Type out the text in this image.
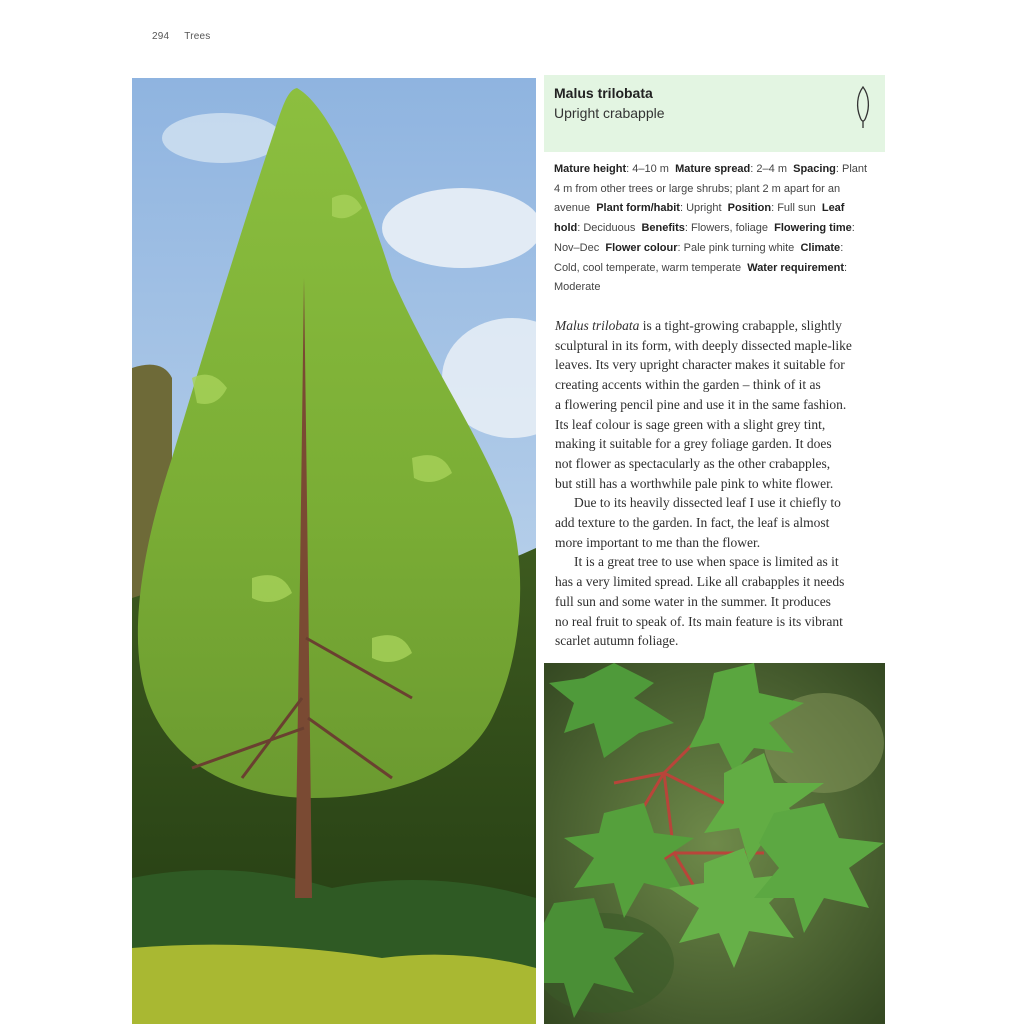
294 Trees
Malus trilobata
Upright crabapple
Mature height: 4–10 m Mature spread: 2–4 m Spacing: Plant
4 m from other trees or large shrubs; plant 2 m apart for an
avenue Plant form/habit: Upright Position: Full sun Leaf
hold: Deciduous Benefits: Flowers, foliage Flowering time:
Nov–Dec Flower colour: Pale pink turning white Climate:
Cold, cool temperate, warm temperate Water requirement:
Moderate

Malus trilobata is a tight-growing crabapple, slightly

sculptural in its form, with deeply dissected maple-like

leaves. Its very upright character makes it suitable for

creating accents within the garden – think of it as

a flowering pencil pine and use it in the same fashion.

Its leaf colour is sage green with a slight grey tint,

making it suitable for a grey foliage garden. It does

not flower as spectacularly as the other crabapples,

but still has a worthwhile pale pink to white flower.

Due to its heavily dissected leaf I use it chiefly to

add texture to the garden. In fact, the leaf is almost

more important to me than the flower.

It is a great tree to use when space is limited as it

has a very limited spread. Like all crabapples it needs

full sun and some water in the summer. It produces

no real fruit to speak of. Its main feature is its vibrant

scarlet autumn foliage.
